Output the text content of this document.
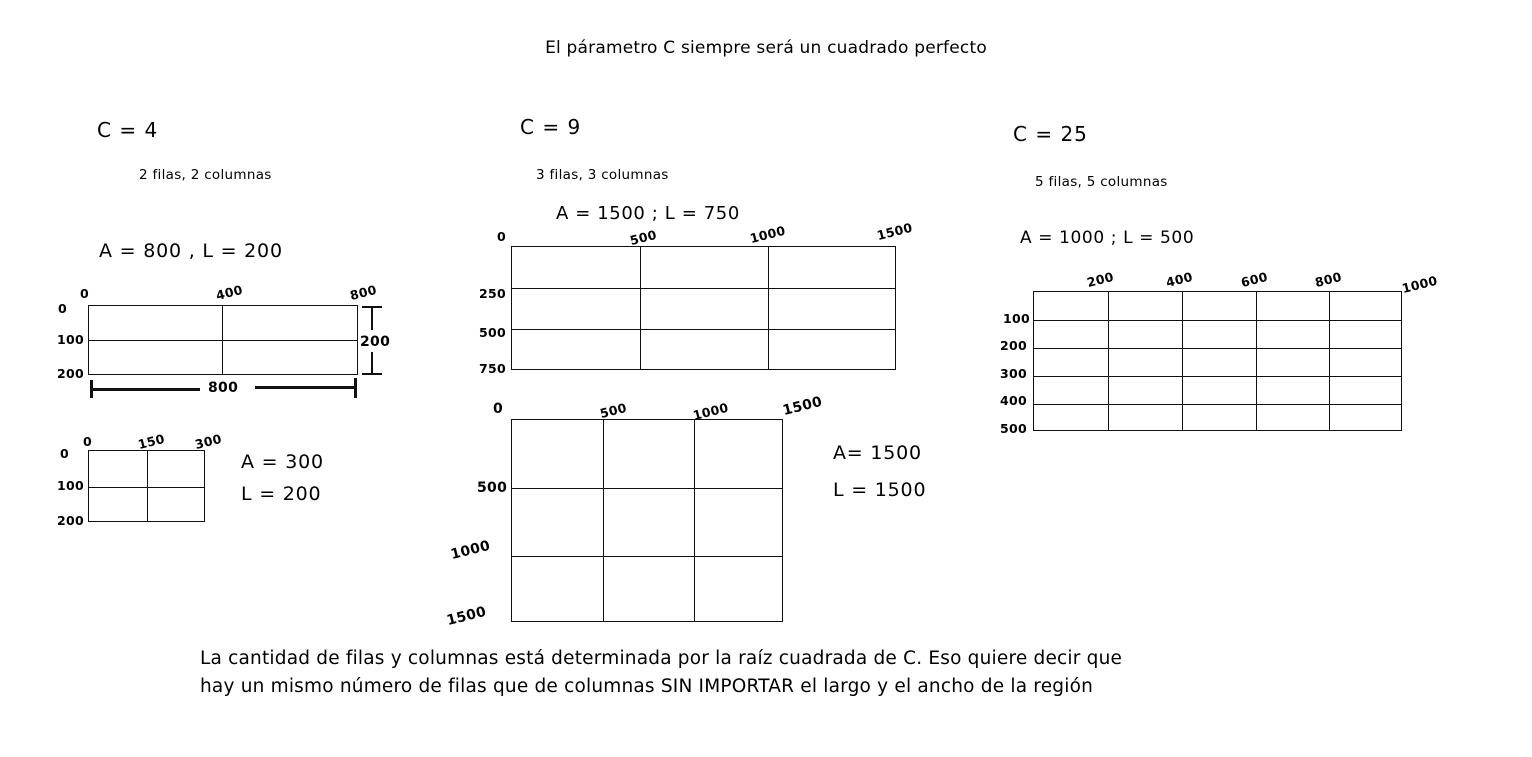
El párametro C siempre será un cuadrado perfecto
C = 4
2 filas, 2 columnas
A = 800 , L = 200
0	400	800
0
100
200
800
200
0	150 300
0
100
200
A = 300
L = 200
C = 9
3 filas, 3 columnas
A = 1500 ; L = 750
0	500	1000	1500
250
500
750
0	500	1000	1500
500
1000
1500
A= 1500
L = 1500
C = 25
5 filas, 5 columnas
A = 1000 ; L = 500
200	400	600	800	1000
100
200
300
400
500
La cantidad de filas y columnas está determinada por la raíz cuadrada de C. Eso quiere decir que
hay un mismo número de filas que de columnas SIN IMPORTAR el largo y el ancho de la región
